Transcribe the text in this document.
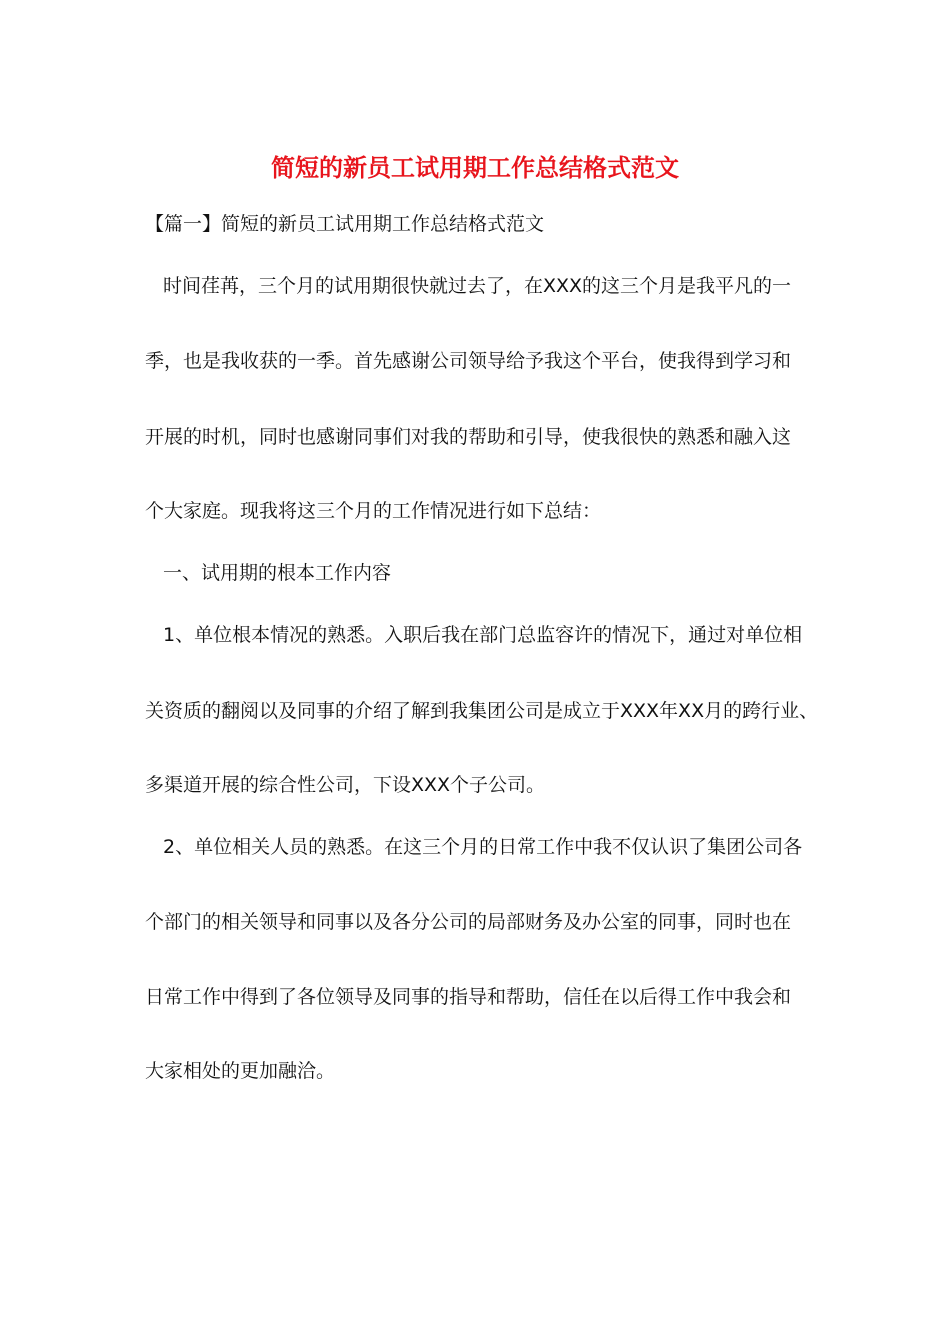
简短的新员工试用期工作总结格式范文
【篇一】简短的新员工试用期工作总结格式范文
时间荏苒，三个月的试用期很快就过去了，在XXX的这三个月是我平凡的一
季，也是我收获的一季。首先感谢公司领导给予我这个平台，使我得到学习和
开展的时机，同时也感谢同事们对我的帮助和引导，使我很快的熟悉和融入这
个大家庭。现我将这三个月的工作情况进行如下总结：
一、试用期的根本工作内容
1、单位根本情况的熟悉。入职后我在部门总监容许的情况下，通过对单位相
关资质的翻阅以及同事的介绍了解到我集团公司是成立于XXX年XX月的跨行业、
多渠道开展的综合性公司，下设XXX个子公司。
2、单位相关人员的熟悉。在这三个月的日常工作中我不仅认识了集团公司各
个部门的相关领导和同事以及各分公司的局部财务及办公室的同事，同时也在
日常工作中得到了各位领导及同事的指导和帮助，信任在以后得工作中我会和
大家相处的更加融洽。
